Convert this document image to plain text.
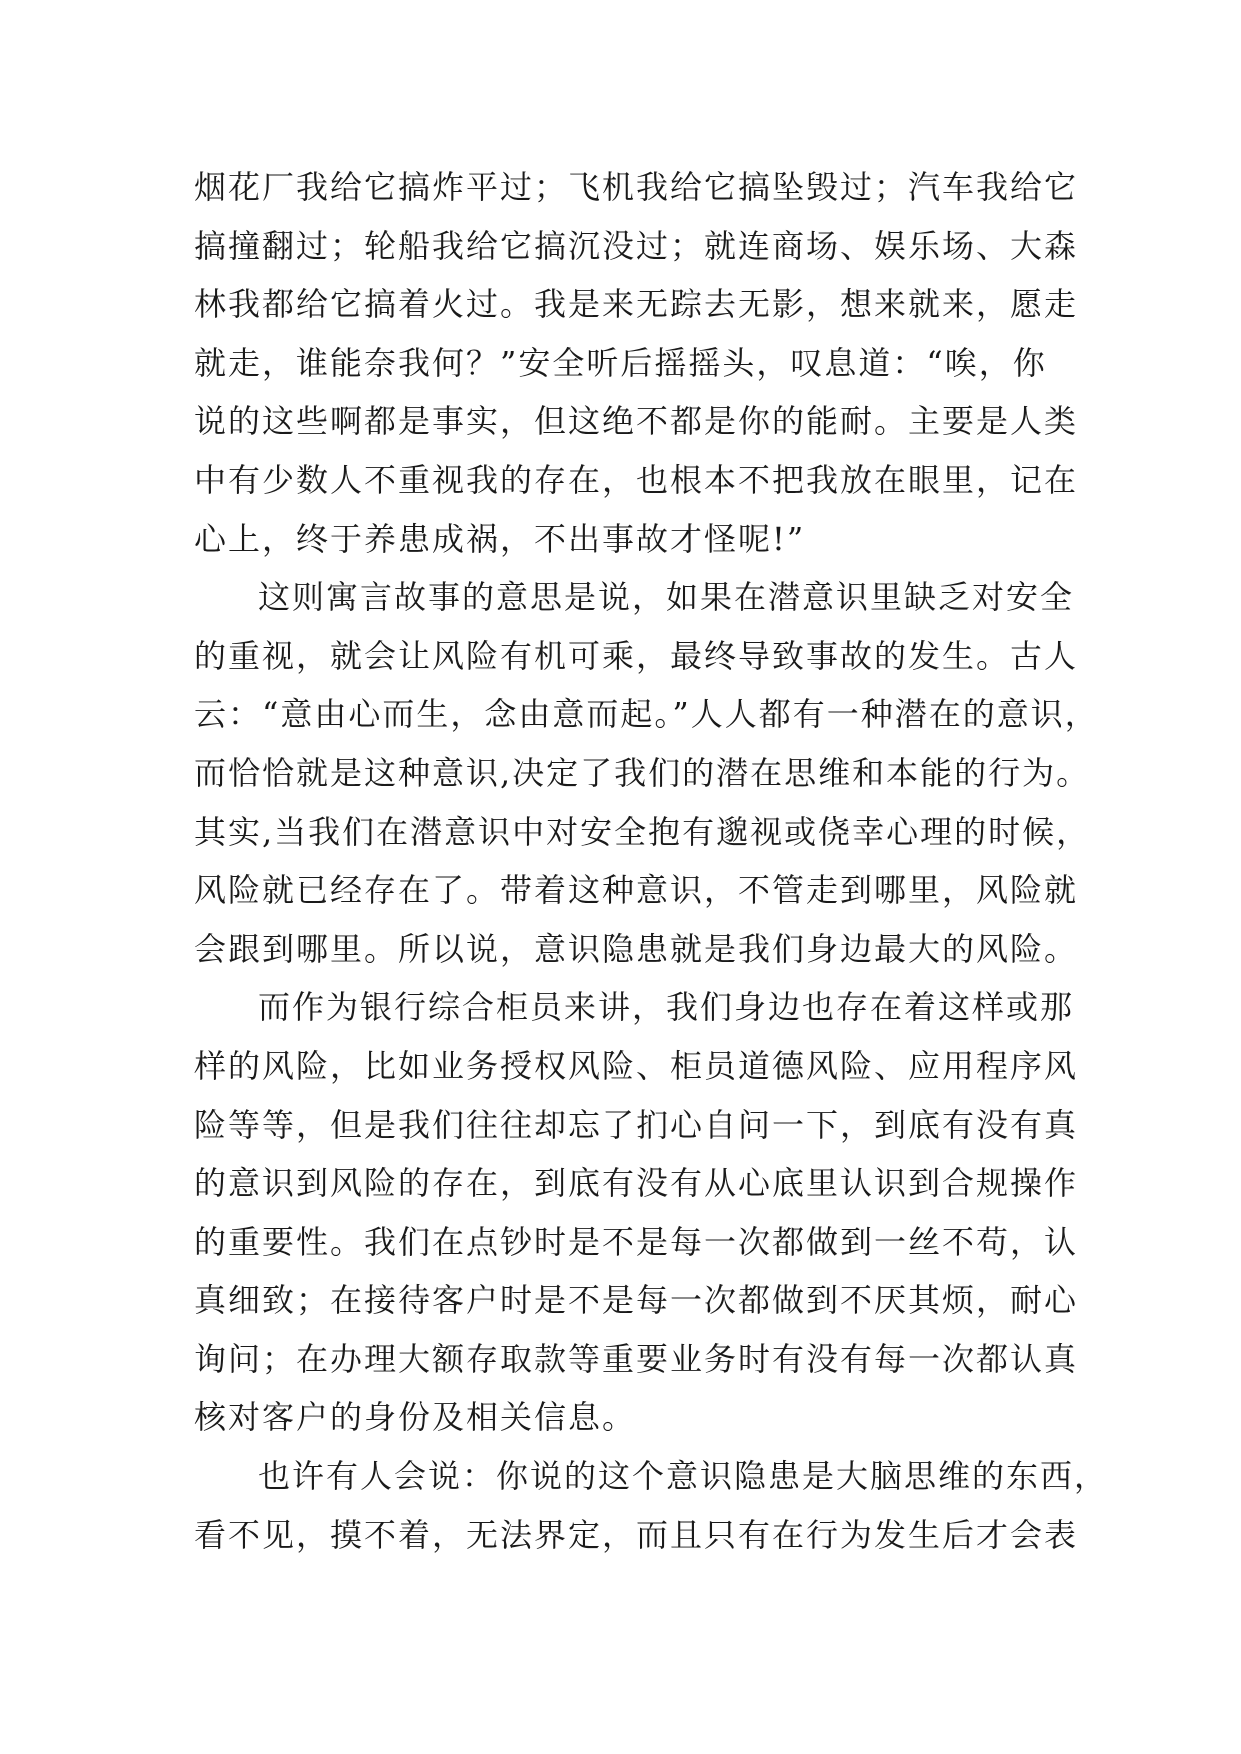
烟花厂我给它搞炸平过；飞机我给它搞坠毁过；汽车我给它
搞撞翻过；轮船我给它搞沉没过；就连商场、娱乐场、大森
林我都给它搞着火过。我是来无踪去无影，想来就来，愿走
就走，谁能奈我何？”安全听后摇摇头，叹息道：“唉，你
说的这些啊都是事实，但这绝不都是你的能耐。主要是人类
中有少数人不重视我的存在，也根本不把我放在眼里，记在
心上，终于养患成祸，不出事故才怪呢!”
这则寓言故事的意思是说，如果在潜意识里缺乏对安全
的重视，就会让风险有机可乘，最终导致事故的发生。古人
云：“意由心而生，念由意而起。”人人都有一种潜在的意识，
而恰恰就是这种意识,决定了我们的潜在思维和本能的行为。
其实,当我们在潜意识中对安全抱有邈视或侥幸心理的时候，
风险就已经存在了。带着这种意识，不管走到哪里，风险就
会跟到哪里。所以说，意识隐患就是我们身边最大的风险。
而作为银行综合柜员来讲，我们身边也存在着这样或那
样的风险，比如业务授权风险、柜员道德风险、应用程序风
险等等，但是我们往往却忘了扪心自问一下，到底有没有真
的意识到风险的存在，到底有没有从心底里认识到合规操作
的重要性。我们在点钞时是不是每一次都做到一丝不苟，认
真细致；在接待客户时是不是每一次都做到不厌其烦，耐心
询问；在办理大额存取款等重要业务时有没有每一次都认真
核对客户的身份及相关信息。
也许有人会说：你说的这个意识隐患是大脑思维的东西，
看不见，摸不着，无法界定，而且只有在行为发生后才会表
